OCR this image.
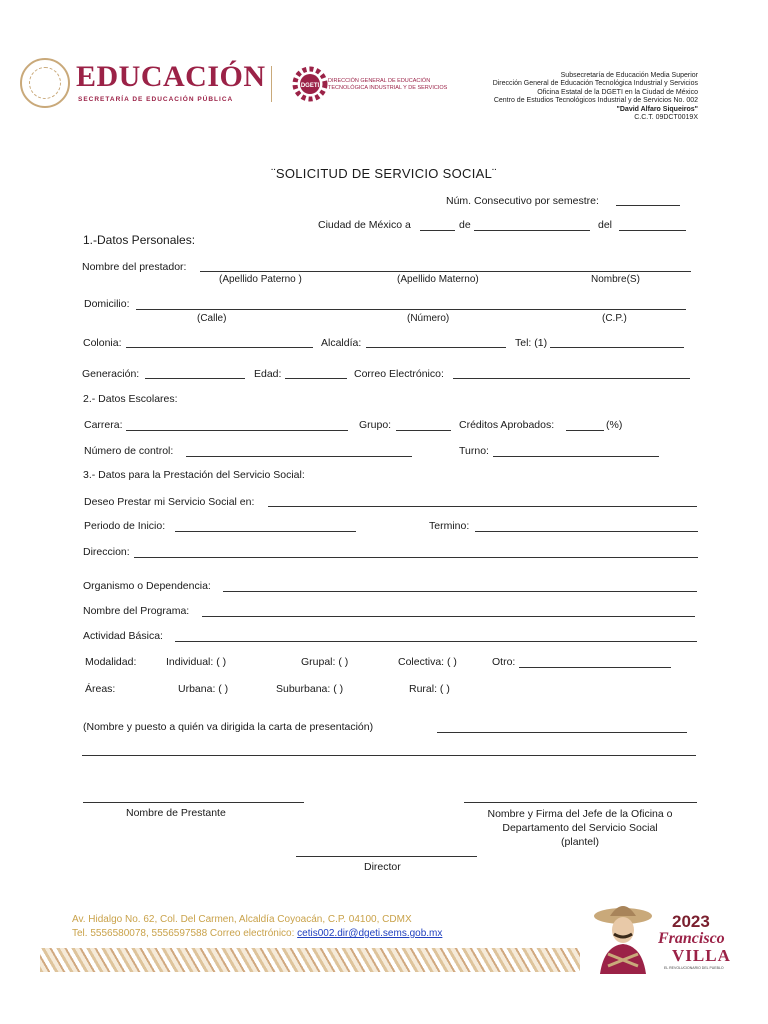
EDUCACIÓN
SECRETARÍA DE EDUCACIÓN PÚBLICA
DGETI
DIRECCIÓN GENERAL DE EDUCACIÓN
TECNOLÓGICA INDUSTRIAL Y DE SERVICIOS
Subsecretaría de Educación Media Superior
Dirección General de Educación Tecnológica Industrial y Servicios
Oficina Estatal de la DGETI en la Ciudad de México
Centro de Estudios Tecnológicos Industrial y de Servicios No. 002
"David Alfaro Siqueiros"
C.C.T. 09DCT0019X
¨SOLICITUD DE SERVICIO SOCIAL¨
Núm. Consecutivo por semestre:
Ciudad de México a	de	del
1.-Datos Personales:
Nombre del prestador:
(Apellido Paterno )	(Apellido Materno)	Nombre(S)
Domicilio:
(Calle)	(Número)	(C.P.)
Colonia:	Alcaldía:	Tel: (1)
Generación:	Edad:	Correo Electrónico:
2.- Datos Escolares:
Carrera:	Grupo:	Créditos Aprobados:	(%)
Número de control:	Turno:
3.- Datos para la Prestación del Servicio Social:
Deseo Prestar mi Servicio Social en:
Periodo de Inicio:	Termino:
Direccion:
Organismo o Dependencia:
Nombre del Programa:
Actividad Básica:
Modalidad:	Individual: ( )	Grupal: ( )	Colectiva: ( )	Otro:
Áreas:	Urbana: ( )	Suburbana: ( )	Rural: ( )
(Nombre y puesto a quién va dirigida la carta de presentación)
Nombre de Prestante	Nombre y Firma del Jefe de la Oficina o
Departamento del Servicio Social
(plantel)
Director
Av. Hidalgo No. 62, Col. Del Carmen, Alcaldía Coyoacán, C.P. 04100, CDMX
Tel. 5556580078, 5556597588 Correo electrónico: cetis002.dir@dgeti.sems.gob.mx
2023
Francisco
VILLA
EL REVOLUCIONARIO DEL PUEBLO
